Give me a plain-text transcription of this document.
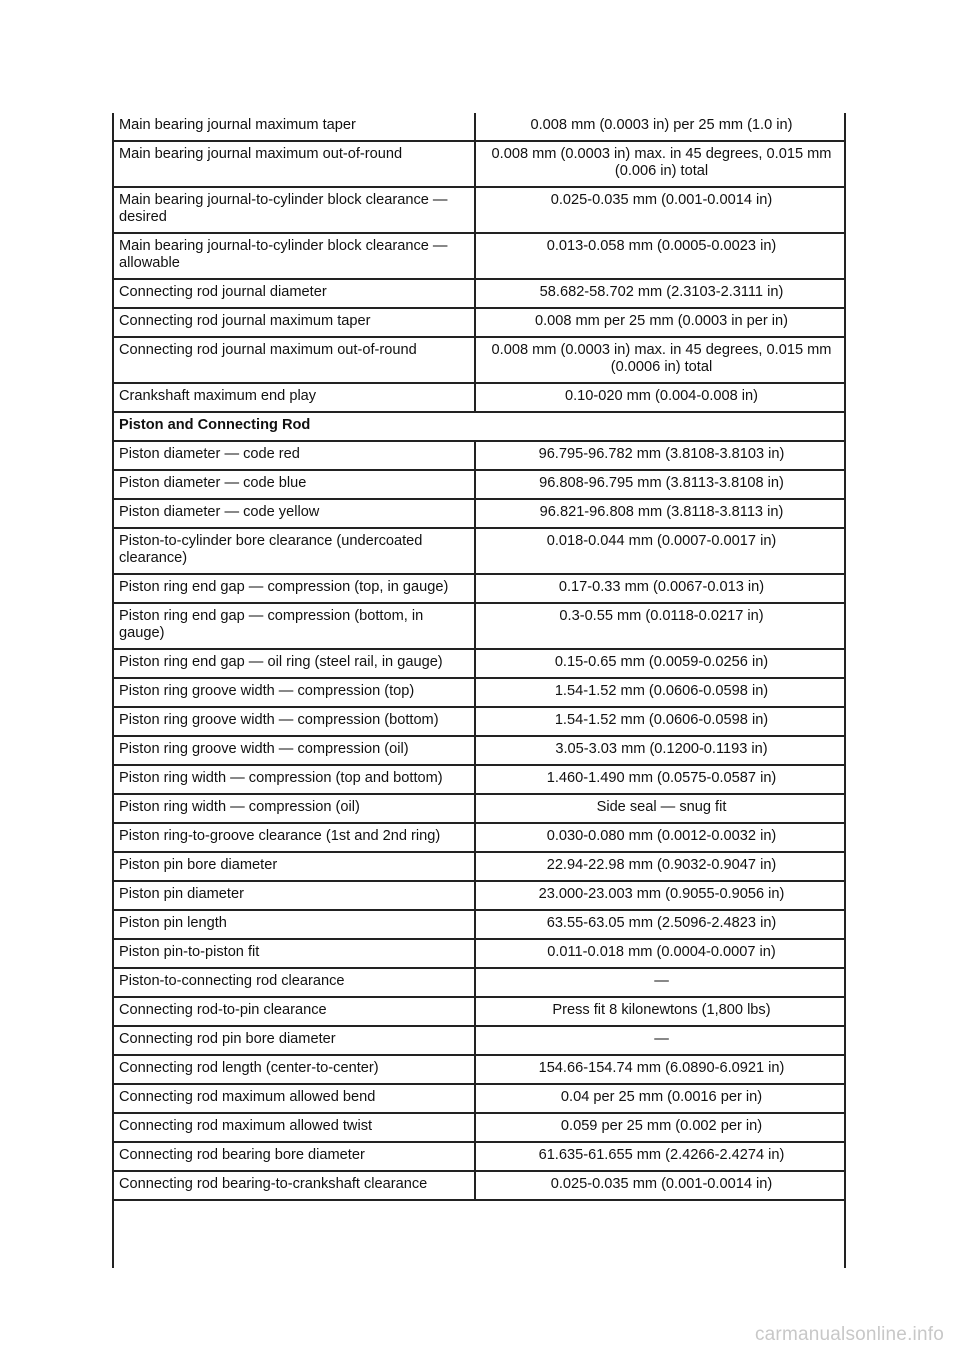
Main bearing journal maximum taper	0.008 mm (0.0003 in) per 25 mm (1.0 in)
Main bearing journal maximum out-of-round	0.008 mm (0.0003 in) max. in 45 degrees, 0.015 mm (0.006 in) total
Main bearing journal-to-cylinder block clearance — desired	0.025-0.035 mm (0.001-0.0014 in)
Main bearing journal-to-cylinder block clearance — allowable	0.013-0.058 mm (0.0005-0.0023 in)
Connecting rod journal diameter	58.682-58.702 mm (2.3103-2.3111 in)
Connecting rod journal maximum taper	0.008 mm per 25 mm (0.0003 in per in)
Connecting rod journal maximum out-of-round	0.008 mm (0.0003 in) max. in 45 degrees, 0.015 mm (0.0006 in) total
Crankshaft maximum end play	0.10-020 mm (0.004-0.008 in)
Piston and Connecting Rod	
Piston diameter — code red	96.795-96.782 mm (3.8108-3.8103 in)
Piston diameter — code blue	96.808-96.795 mm (3.8113-3.8108 in)
Piston diameter — code yellow	96.821-96.808 mm (3.8118-3.8113 in)
Piston-to-cylinder bore clearance (undercoated clearance)	0.018-0.044 mm (0.0007-0.0017 in)
Piston ring end gap — compression (top, in gauge)	0.17-0.33 mm (0.0067-0.013 in)
Piston ring end gap — compression (bottom, in gauge)	0.3-0.55 mm (0.0118-0.0217 in)
Piston ring end gap — oil ring (steel rail, in gauge)	0.15-0.65 mm (0.0059-0.0256 in)
Piston ring groove width — compression (top)	1.54-1.52 mm (0.0606-0.0598 in)
Piston ring groove width — compression (bottom)	1.54-1.52 mm (0.0606-0.0598 in)
Piston ring groove width — compression (oil)	3.05-3.03 mm (0.1200-0.1193 in)
Piston ring width — compression (top and bottom)	1.460-1.490 mm (0.0575-0.0587 in)
Piston ring width — compression (oil)	Side seal — snug fit
Piston ring-to-groove clearance (1st and 2nd ring)	0.030-0.080 mm (0.0012-0.0032 in)
Piston pin bore diameter	22.94-22.98 mm (0.9032-0.9047 in)
Piston pin diameter	23.000-23.003 mm (0.9055-0.9056 in)
Piston pin length	63.55-63.05 mm (2.5096-2.4823 in)
Piston pin-to-piston fit	0.011-0.018 mm (0.0004-0.0007 in)
Piston-to-connecting rod clearance	—
Connecting rod-to-pin clearance	Press fit 8 kilonewtons (1,800 lbs)
Connecting rod pin bore diameter	—
Connecting rod length (center-to-center)	154.66-154.74 mm (6.0890-6.0921 in)
Connecting rod maximum allowed bend	0.04 per 25 mm (0.0016 per in)
Connecting rod maximum allowed twist	0.059 per 25 mm (0.002 per in)
Connecting rod bearing bore diameter	61.635-61.655 mm (2.4266-2.4274 in)
Connecting rod bearing-to-crankshaft clearance	0.025-0.035 mm (0.001-0.0014 in)
carmanualsonline.info
